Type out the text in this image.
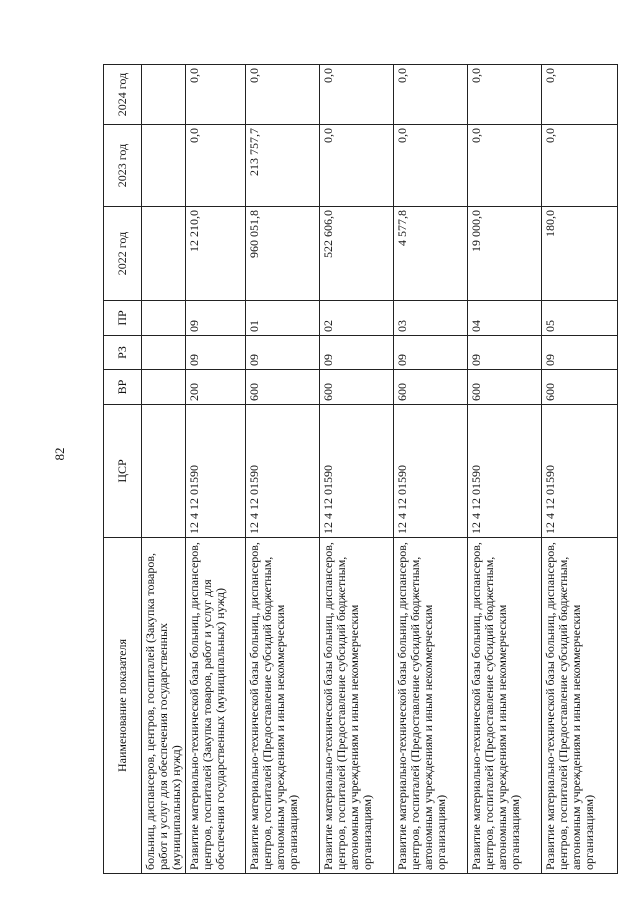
82
Наименование показателя	ЦСР	ВР	РЗ	ПР	2022 год	2023 год	2024 год
больниц, диспансеров, центров, госпиталей (Закупка товаров, работ и услуг для обеспечения государственных (муниципальных) нужд)							
Развитие материально-технической базы больниц, диспансеров, центров, госпиталей (Закупка товаров, работ и услуг для обеспечения государственных (муниципальных) нужд)	12 4 12 01590	200	09	09	12 210,0	0,0	0,0
Развитие материально-технической базы больниц, диспансеров, центров, госпиталей (Предоставление субсидий бюджетным, автономным учреждениям и иным некоммерческим организациям)	12 4 12 01590	600	09	01	960 051,8	213 757,7	0,0
Развитие материально-технической базы больниц, диспансеров, центров, госпиталей (Предоставление субсидий бюджетным, автономным учреждениям и иным некоммерческим организациям)	12 4 12 01590	600	09	02	522 606,0	0,0	0,0
Развитие материально-технической базы больниц, диспансеров, центров, госпиталей (Предоставление субсидий бюджетным, автономным учреждениям и иным некоммерческим организациям)	12 4 12 01590	600	09	03	4 577,8	0,0	0,0
Развитие материально-технической базы больниц, диспансеров, центров, госпиталей (Предоставление субсидий бюджетным, автономным учреждениям и иным некоммерческим организациям)	12 4 12 01590	600	09	04	19 000,0	0,0	0,0
Развитие материально-технической базы больниц, диспансеров, центров, госпиталей (Предоставление субсидий бюджетным, автономным учреждениям и иным некоммерческим организациям)	12 4 12 01590	600	09	05	180,0	0,0	0,0
